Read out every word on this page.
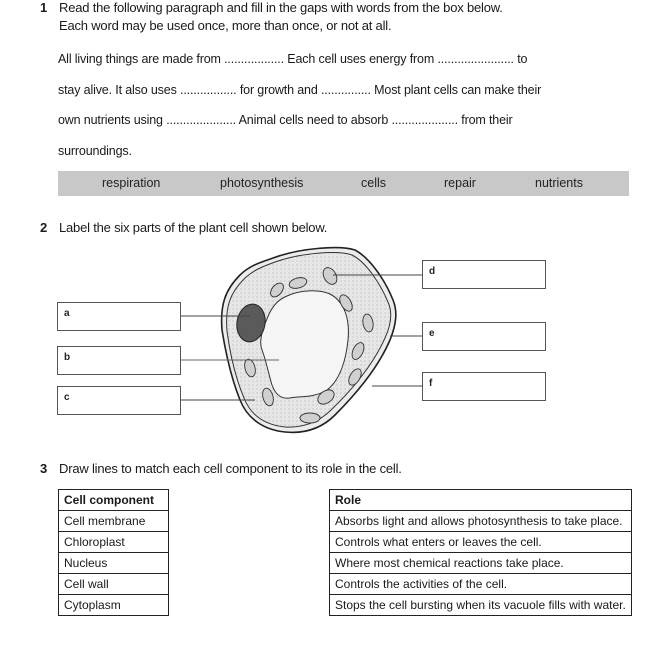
1 Read the following paragraph and fill in the gaps with words from the box below.
Each word may be used once, more than once, or not at all.
All living things are made from .................. Each cell uses energy from ....................... to
stay alive. It also uses ................. for growth and ............... Most plant cells can make their
own nutrients using ..................... Animal cells need to absorb .................... from their
surroundings.
respiration	photosynthesis	cells	repair	nutrients
2 Label the six parts of the plant cell shown below.
a
b
c
d
e
f
3 Draw lines to match each cell component to its role in the cell.
Cell component
Cell membrane
Chloroplast
Nucleus
Cell wall
Cytoplasm
Role
Absorbs light and allows photosynthesis to take place.
Controls what enters or leaves the cell.
Where most chemical reactions take place.
Controls the activities of the cell.
Stops the cell bursting when its vacuole fills with water.
